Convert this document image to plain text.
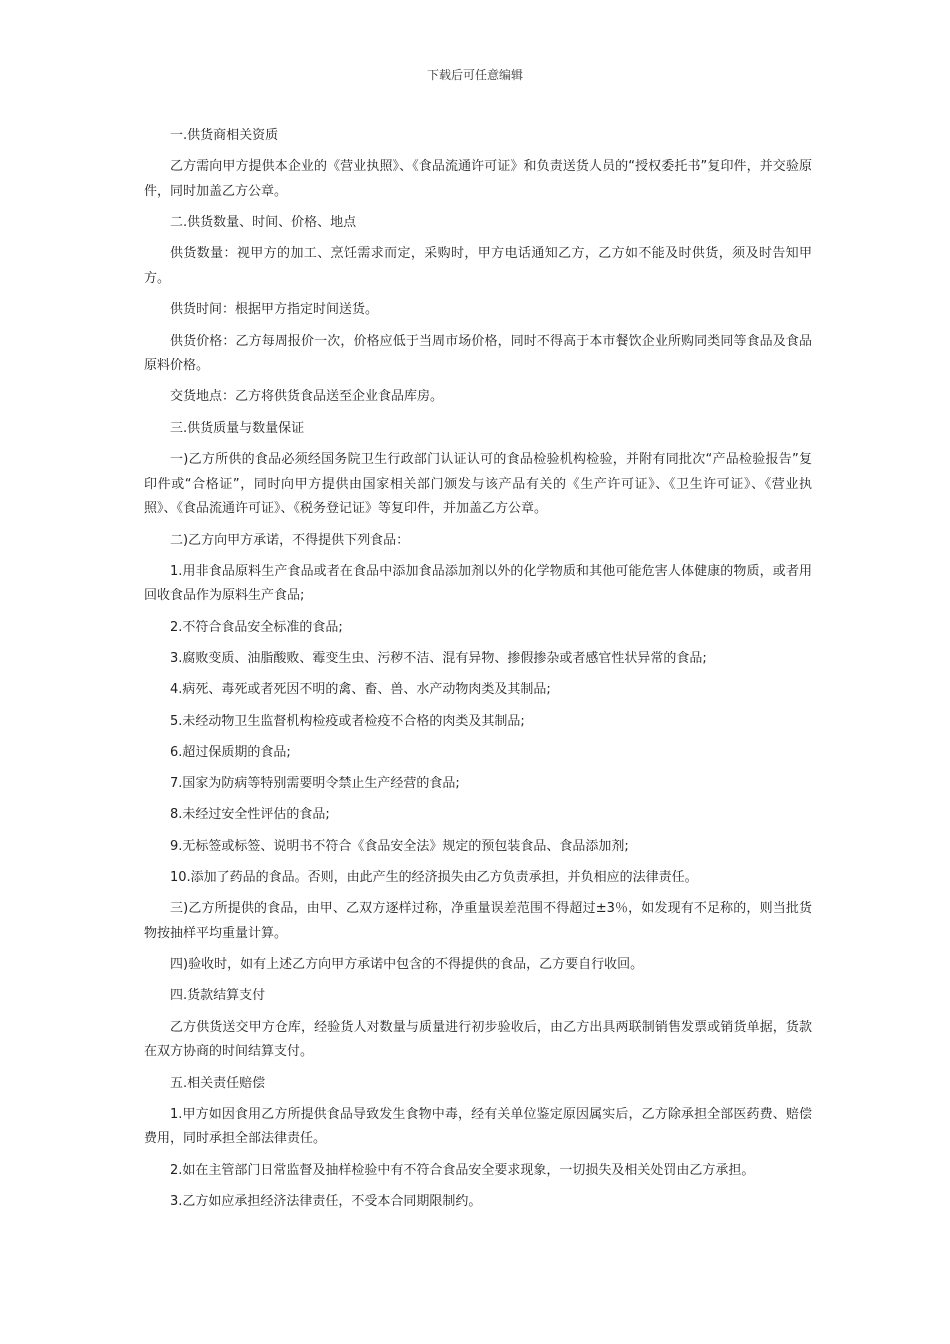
下载后可任意编辑

一.供货商相关资质

乙方需向甲方提供本企业的《营业执照》、《食品流通许可证》和负责送货人员的“授权委托书”复印件，并交验原件，同时加盖乙方公章。

二.供货数量、时间、价格、地点

供货数量：视甲方的加工、烹饪需求而定，采购时，甲方电话通知乙方，乙方如不能及时供货，须及时告知甲方。

供货时间：根据甲方指定时间送货。

供货价格：乙方每周报价一次，价格应低于当周市场价格，同时不得高于本市餐饮企业所购同类同等食品及食品原料价格。

交货地点：乙方将供货食品送至企业食品库房。

三.供货质量与数量保证

一)乙方所供的食品必须经国务院卫生行政部门认证认可的食品检验机构检验，并附有同批次“产品检验报告”复印件或“合格证”，同时向甲方提供由国家相关部门颁发与该产品有关的《生产许可证》、《卫生许可证》、《营业执照》、《食品流通许可证》、《税务登记证》等复印件，并加盖乙方公章。

二)乙方向甲方承诺，不得提供下列食品：

1.用非食品原料生产食品或者在食品中添加食品添加剂以外的化学物质和其他可能危害人体健康的物质，或者用回收食品作为原料生产食品;

2.不符合食品安全标准的食品;

3.腐败变质、油脂酸败、霉变生虫、污秽不洁、混有异物、掺假掺杂或者感官性状异常的食品;

4.病死、毒死或者死因不明的禽、畜、兽、水产动物肉类及其制品;

5.未经动物卫生监督机构检疫或者检疫不合格的肉类及其制品;

6.超过保质期的食品;

7.国家为防病等特别需要明令禁止生产经营的食品;

8.未经过安全性评估的食品;

9.无标签或标签、说明书不符合《食品安全法》规定的预包装食品、食品添加剂;

10.添加了药品的食品。否则，由此产生的经济损失由乙方负责承担，并负相应的法律责任。

三)乙方所提供的食品，由甲、乙双方逐样过称，净重量误差范围不得超过±3％，如发现有不足称的，则当批货物按抽样平均重量计算。

四)验收时，如有上述乙方向甲方承诺中包含的不得提供的食品，乙方要自行收回。

四.货款结算支付

乙方供货送交甲方仓库，经验货人对数量与质量进行初步验收后，由乙方出具两联制销售发票或销货单据，货款在双方协商的时间结算支付。

五.相关责任赔偿

1.甲方如因食用乙方所提供食品导致发生食物中毒，经有关单位鉴定原因属实后，乙方除承担全部医药费、赔偿费用，同时承担全部法律责任。

2.如在主管部门日常监督及抽样检验中有不符合食品安全要求现象，一切损失及相关处罚由乙方承担。

3.乙方如应承担经济法律责任，不受本合同期限制约。
